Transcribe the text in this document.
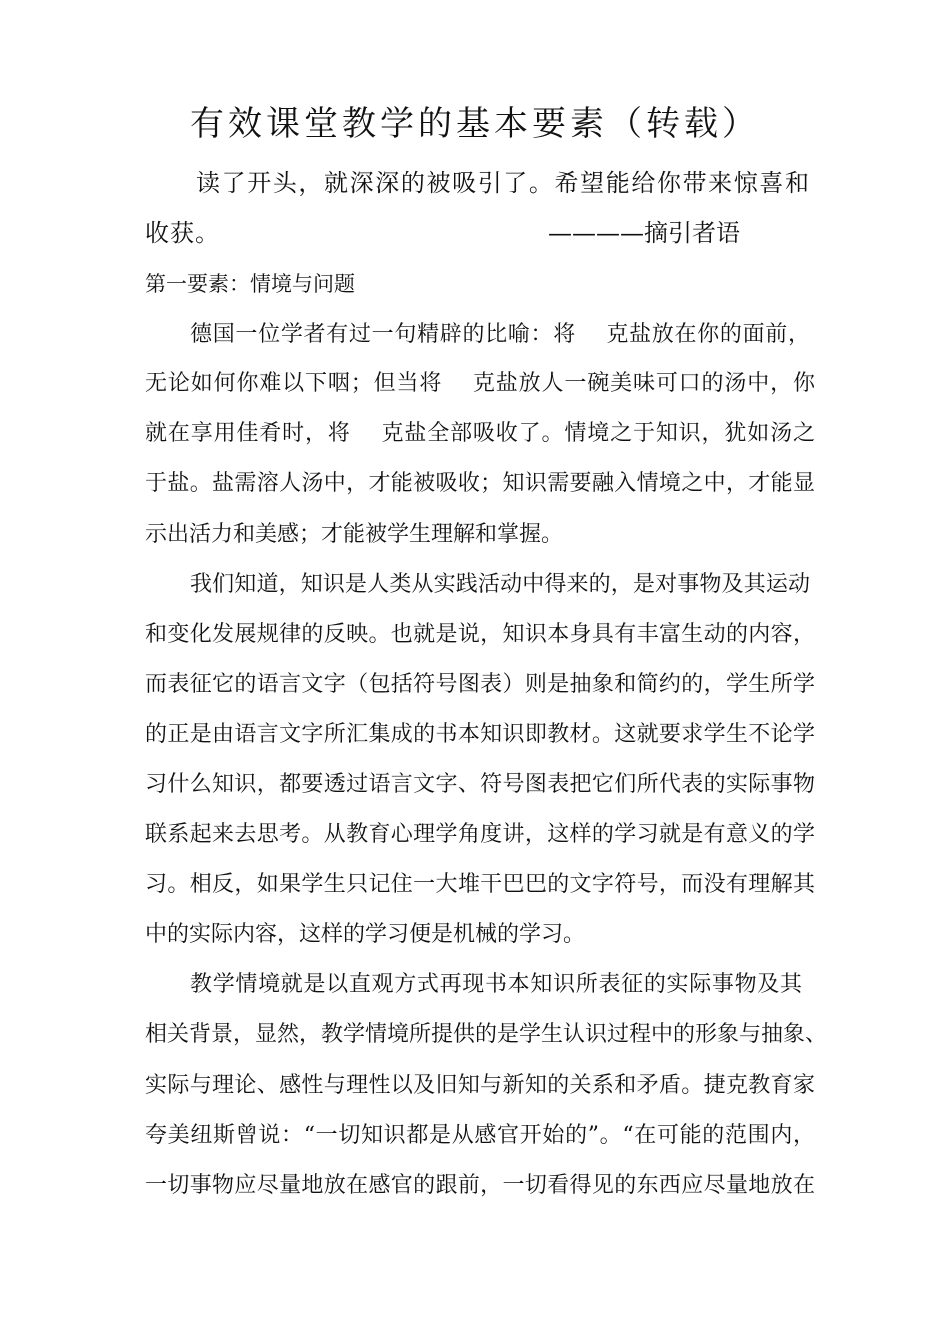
有效课堂教学的基本要素（转载）
读了开头，就深深的被吸引了。希望能给你带来惊喜和
收获。	————摘引者语
第一要素：情境与问题
德国一位学者有过一句精辟的比喻：将　 克盐放在你的面前，
无论如何你难以下咽；但当将　 克盐放人一碗美味可口的汤中，你
就在享用佳肴时，将　 克盐全部吸收了。情境之于知识，犹如汤之
于盐。盐需溶人汤中，才能被吸收；知识需要融入情境之中，才能显
示出活力和美感；才能被学生理解和掌握。
我们知道，知识是人类从实践活动中得来的，是对事物及其运动
和变化发展规律的反映。也就是说，知识本身具有丰富生动的内容，
而表征它的语言文字（包括符号图表）则是抽象和简约的，学生所学
的正是由语言文字所汇集成的书本知识即教材。这就要求学生不论学
习什么知识，都要透过语言文字、符号图表把它们所代表的实际事物
联系起来去思考。从教育心理学角度讲，这样的学习就是有意义的学
习。相反，如果学生只记住一大堆干巴巴的文字符号，而没有理解其
中的实际内容，这样的学习便是机械的学习。
教学情境就是以直观方式再现书本知识所表征的实际事物及其
相关背景，显然，教学情境所提供的是学生认识过程中的形象与抽象、
实际与理论、感性与理性以及旧知与新知的关系和矛盾。捷克教育家
夸美纽斯曾说：“一切知识都是从感官开始的”。“在可能的范围内，
一切事物应尽量地放在感官的跟前，一切看得见的东西应尽量地放在
